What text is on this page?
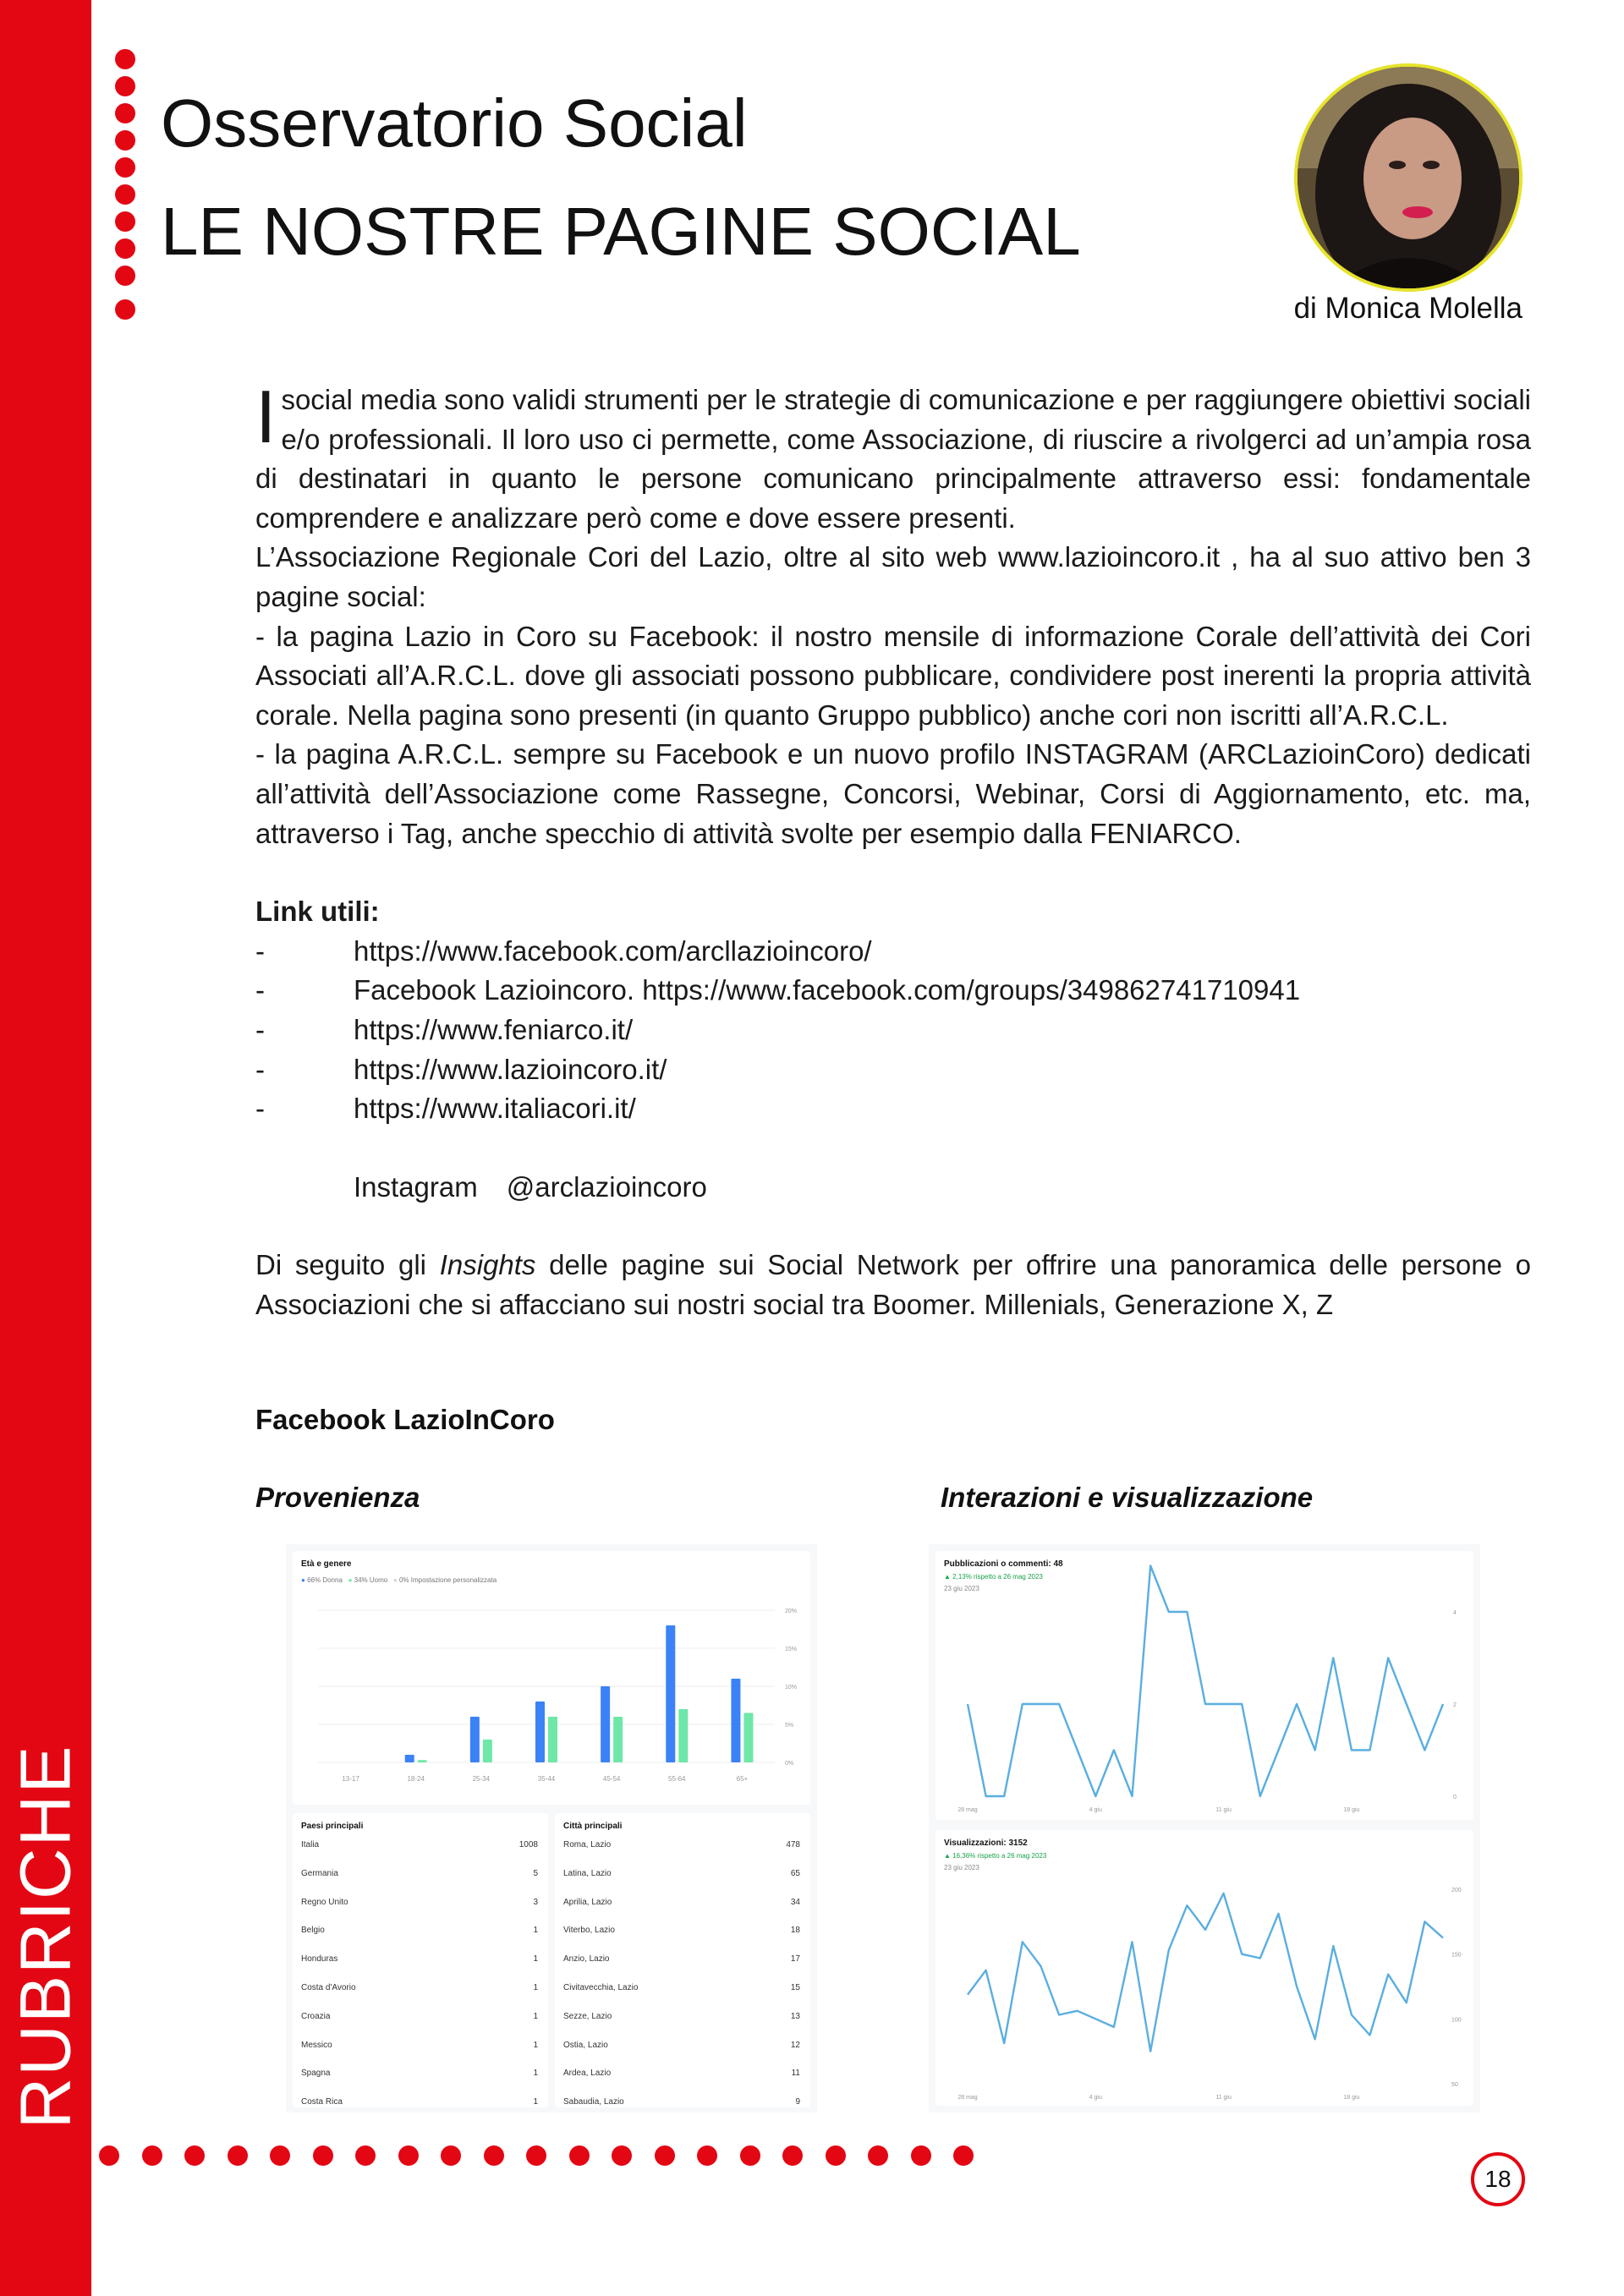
RUBRICHE
Osservatorio Social
LE NOSTRE PAGINE SOCIAL
di Monica Molella

Isocial media sono validi strumenti per le strategie di comunicazione e per raggiungere obiettivi sociali e/o professionali. Il loro uso ci permette, come Associazione, di riuscire a rivolgerci ad un’ampia rosa di destinatari in quanto le persone comunicano principalmente attraverso essi: fondamentale comprendere e analizzare però come e dove essere presenti.

L’Associazione Regionale Cori del Lazio, oltre al sito web www.lazioincoro.it , ha al suo attivo ben 3 pagine social:

- la pagina Lazio in Coro su Facebook: il nostro mensile di informazione Corale dell’attività dei Cori Associati all’A.R.C.L. dove gli associati possono pubblicare, condividere post inerenti la propria attività corale. Nella pagina sono presenti (in quanto Gruppo pubblico) anche cori non iscritti all’A.R.C.L.

- la pagina A.R.C.L. sempre su Facebook e un nuovo profilo INSTAGRAM (ARCLazioinCoro) dedicati all’attività dell’Associazione come Rassegne, Concorsi, Webinar, Corsi di Aggiornamento, etc. ma, attraverso i Tag, anche specchio di attività svolte per esempio dalla FENIARCO.

Link utili:

-	https://www.facebook.com/arcllazioincoro/
-	Facebook Lazioincoro. https://www.facebook.com/groups/349862741710941
-	https://www.feniarco.it/
-	https://www.lazioincoro.it/
-	https://www.italiacori.it/
Instagram @arclazioincoro

Di seguito gli Insights delle pagine sui Social Network per offrire una panoramica delle persone o Associazioni che si affacciano sui nostri social tra Boomer. Millenials, Generazione X, Z

Facebook LazioInCoro
Provenienza	Interazioni e visualizzazione
Età e genere
● 66% Donna ● 34% Uomo ● 0% Impostazione personalizzata
20%
15%
10%
5%
0%
13-17	18-24	25-34	35-44	45-54	55-64	65+
Paesi principali
Italia	1008
Germania	5
Regno Unito	3
Belgio	1
Honduras	1
Costa d'Avorio	1
Croazia	1
Messico	1
Spagna	1
Costa Rica	1
Città principali
Roma, Lazio	478
Latina, Lazio	65
Aprilia, Lazio	34
Viterbo, Lazio	18
Anzio, Lazio	17
Civitavecchia, Lazio	15
Sezze, Lazio	13
Ostia, Lazio	12
Ardea, Lazio	11
Sabaudia, Lazio	9
Pubblicazioni o commenti: 48
▲ 2,13% rispetto a 26 mag 2023
23 giu 2023
4
2
0
28 mag	4 giu	11 giu	18 giu
Visualizzazioni: 3152
▲ 16,36% rispetto a 26 mag 2023
23 giu 2023
200
150
100
50
28 mag	4 giu	11 giu	18 giu
18
